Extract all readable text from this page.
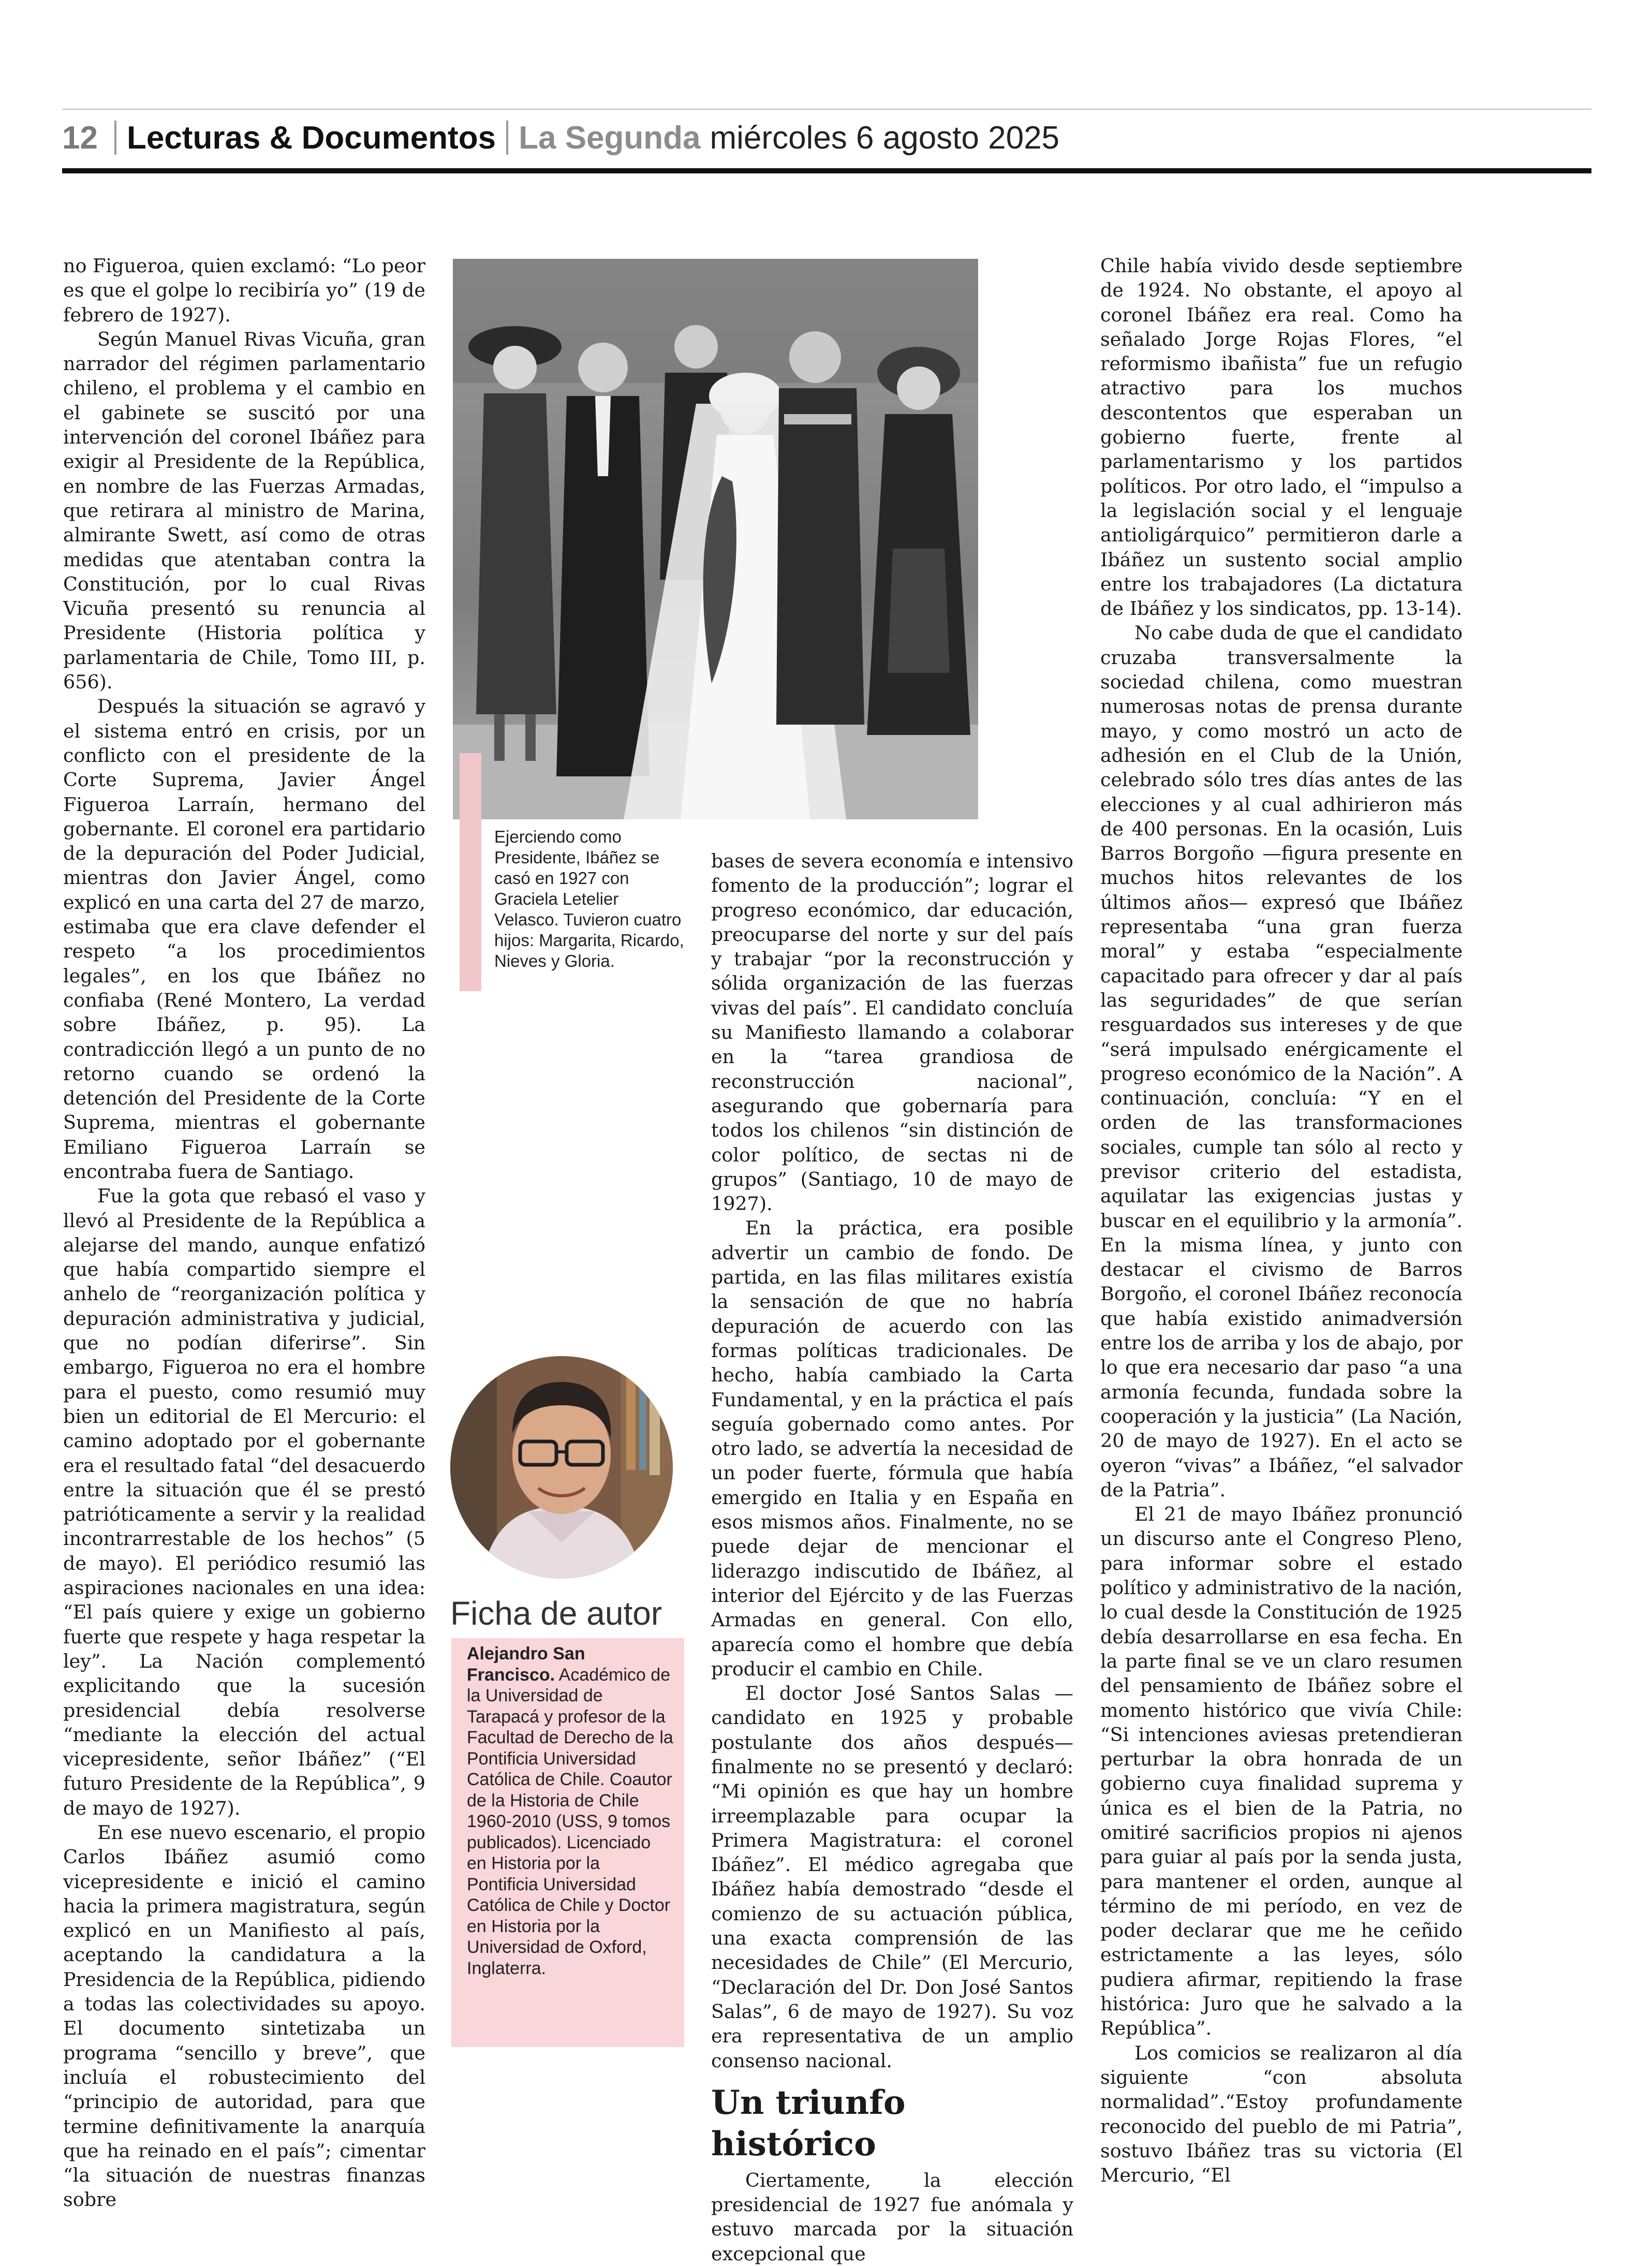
12 Lecturas & Documentos La Segunda miércoles 6 agosto 2025

no Figueroa, quien exclamó: “Lo peor es que el golpe lo recibiría yo” (19 de febrero de 1927).

Según Manuel Rivas Vicuña, gran narrador del régimen parlamentario chileno, el problema y el cambio en el gabinete se suscitó por una intervención del coronel Ibáñez para exigir al Presidente de la República, en nombre de las Fuerzas Armadas, que retirara al ministro de Marina, almirante Swett, así como de otras medidas que atentaban contra la Constitución, por lo cual Rivas Vicuña presentó su renuncia al Presidente (Historia política y parlamentaria de Chile, Tomo III, p. 656).

Después la situación se agravó y el sistema entró en crisis, por un conflicto con el presidente de la Corte Suprema, Javier Ángel Figueroa Larraín, hermano del gobernante. El coronel era partidario de la depuración del Poder Judicial, mientras don Javier Ángel, como explicó en una carta del 27 de marzo, estimaba que era clave defender el respeto “a los procedimientos legales”, en los que Ibáñez no confiaba (René Montero, La verdad sobre Ibáñez, p. 95). La contradicción llegó a un punto de no retorno cuando se ordenó la detención del Presidente de la Corte Suprema, mientras el gobernante Emiliano Figueroa Larraín se encontraba fuera de Santiago.

Fue la gota que rebasó el vaso y llevó al Presidente de la República a alejarse del mando, aunque enfatizó que había compartido siempre el anhelo de “reorganización política y depuración administrativa y judicial, que no podían diferirse”. Sin embargo, Figueroa no era el hombre para el puesto, como resumió muy bien un editorial de El Mercurio: el camino adoptado por el gobernante era el resultado fatal “del desacuerdo entre la situación que él se prestó patrióticamente a servir y la realidad incontrarrestable de los hechos” (5 de mayo). El periódico resumió las aspiraciones nacionales en una idea: “El país quiere y exige un gobierno fuerte que respete y haga respetar la ley”. La Nación complementó explicitando que la sucesión presidencial debía resolverse “mediante la elección del actual vicepresidente, señor Ibáñez” (“El futuro Presidente de la República”, 9 de mayo de 1927).

En ese nuevo escenario, el propio Carlos Ibáñez asumió como vicepresidente e inició el camino hacia la primera magistratura, según explicó en un Manifiesto al país, aceptando la candidatura a la Presidencia de la República, pidiendo a todas las colectividades su apoyo. El documento sintetizaba un programa “sencillo y breve”, que incluía el robustecimiento del “principio de autoridad, para que termine definitivamente la anarquía que ha reinado en el país”; cimentar “la situación de nuestras finanzas sobre

Ejerciendo como Presidente, Ibáñez se casó en 1927 con Graciela Letelier Velasco. Tuvieron cuatro hijos: Margarita, Ricardo, Nieves y Gloria.

bases de severa economía e intensivo fomento de la producción”; lograr el progreso económico, dar educación, preocuparse del norte y sur del país y trabajar “por la reconstrucción y sólida organización de las fuerzas vivas del país”. El candidato concluía su Manifiesto llamando a colaborar en la “tarea grandiosa de reconstrucción nacional”, asegurando que gobernaría para todos los chilenos “sin distinción de color político, de sectas ni de grupos” (Santiago, 10 de mayo de 1927).

En la práctica, era posible advertir un cambio de fondo. De partida, en las filas militares existía la sensación de que no habría depuración de acuerdo con las formas políticas tradicionales. De hecho, había cambiado la Carta Fundamental, y en la práctica el país seguía gobernado como antes. Por otro lado, se advertía la necesidad de un poder fuerte, fórmula que había emergido en Italia y en España en esos mismos años. Finalmente, no se puede dejar de mencionar el liderazgo indiscutido de Ibáñez, al interior del Ejército y de las Fuerzas Armadas en general. Con ello, aparecía como el hombre que debía producir el cambio en Chile.

El doctor José Santos Salas —candidato en 1925 y probable postulante dos años después— finalmente no se presentó y declaró: “Mi opinión es que hay un hombre irreemplazable para ocupar la Primera Magistratura: el coronel Ibáñez”. El médico agregaba que Ibáñez había demostrado “desde el comienzo de su actuación pública, una exacta comprensión de las necesidades de Chile” (El Mercurio, “Declaración del Dr. Don José Santos Salas”, 6 de mayo de 1927). Su voz era representativa de un amplio consenso nacional.

Un triunfo histórico

Ciertamente, la elección presidencial de 1927 fue anómala y estuvo marcada por la situación excepcional que

Ficha de autor
Alejandro San Francisco. Académico de la Universidad de Tarapacá y profesor de la Facultad de Derecho de la Pontificia Universidad Católica de Chile. Coautor de la Historia de Chile 1960-2010 (USS, 9 tomos publicados). Licenciado en Historia por la Pontificia Universidad Católica de Chile y Doctor en Historia por la Universidad de Oxford, Inglaterra.

Chile había vivido desde septiembre de 1924. No obstante, el apoyo al coronel Ibáñez era real. Como ha señalado Jorge Rojas Flores, “el reformismo ibañista” fue un refugio atractivo para los muchos descontentos que esperaban un gobierno fuerte, frente al parlamentarismo y los partidos políticos. Por otro lado, el “impulso a la legislación social y el lenguaje antioligárquico” permitieron darle a Ibáñez un sustento social amplio entre los trabajadores (La dictatura de Ibáñez y los sindicatos, pp. 13-14).

No cabe duda de que el candidato cruzaba transversalmente la sociedad chilena, como muestran numerosas notas de prensa durante mayo, y como mostró un acto de adhesión en el Club de la Unión, celebrado sólo tres días antes de las elecciones y al cual adhirieron más de 400 personas. En la ocasión, Luis Barros Borgoño —figura presente en muchos hitos relevantes de los últimos años— expresó que Ibáñez representaba “una gran fuerza moral” y estaba “especialmente capacitado para ofrecer y dar al país las seguridades” de que serían resguardados sus intereses y de que “será impulsado enérgicamente el progreso económico de la Nación”. A continuación, concluía: “Y en el orden de las transformaciones sociales, cumple tan sólo al recto y previsor criterio del estadista, aquilatar las exigencias justas y buscar en el equilibrio y la armonía”. En la misma línea, y junto con destacar el civismo de Barros Borgoño, el coronel Ibáñez reconocía que había existido animadversión entre los de arriba y los de abajo, por lo que era necesario dar paso “a una armonía fecunda, fundada sobre la cooperación y la justicia” (La Nación, 20 de mayo de 1927). En el acto se oyeron “vivas” a Ibáñez, “el salvador de la Patria”.

El 21 de mayo Ibáñez pronunció un discurso ante el Congreso Pleno, para informar sobre el estado político y administrativo de la nación, lo cual desde la Constitución de 1925 debía desarrollarse en esa fecha. En la parte final se ve un claro resumen del pensamiento de Ibáñez sobre el momento histórico que vivía Chile: “Si intenciones aviesas pretendieran perturbar la obra honrada de un gobierno cuya finalidad suprema y única es el bien de la Patria, no omitiré sacrificios propios ni ajenos para guiar al país por la senda justa, para mantener el orden, aunque al término de mi período, en vez de poder declarar que me he ceñido estrictamente a las leyes, sólo pudiera afirmar, repitiendo la frase histórica: Juro que he salvado a la República”.

Los comicios se realizaron al día siguiente “con absoluta normalidad”.“Estoy profundamente reconocido del pueblo de mi Patria”, sostuvo Ibáñez tras su victoria (El Mercurio, “El
